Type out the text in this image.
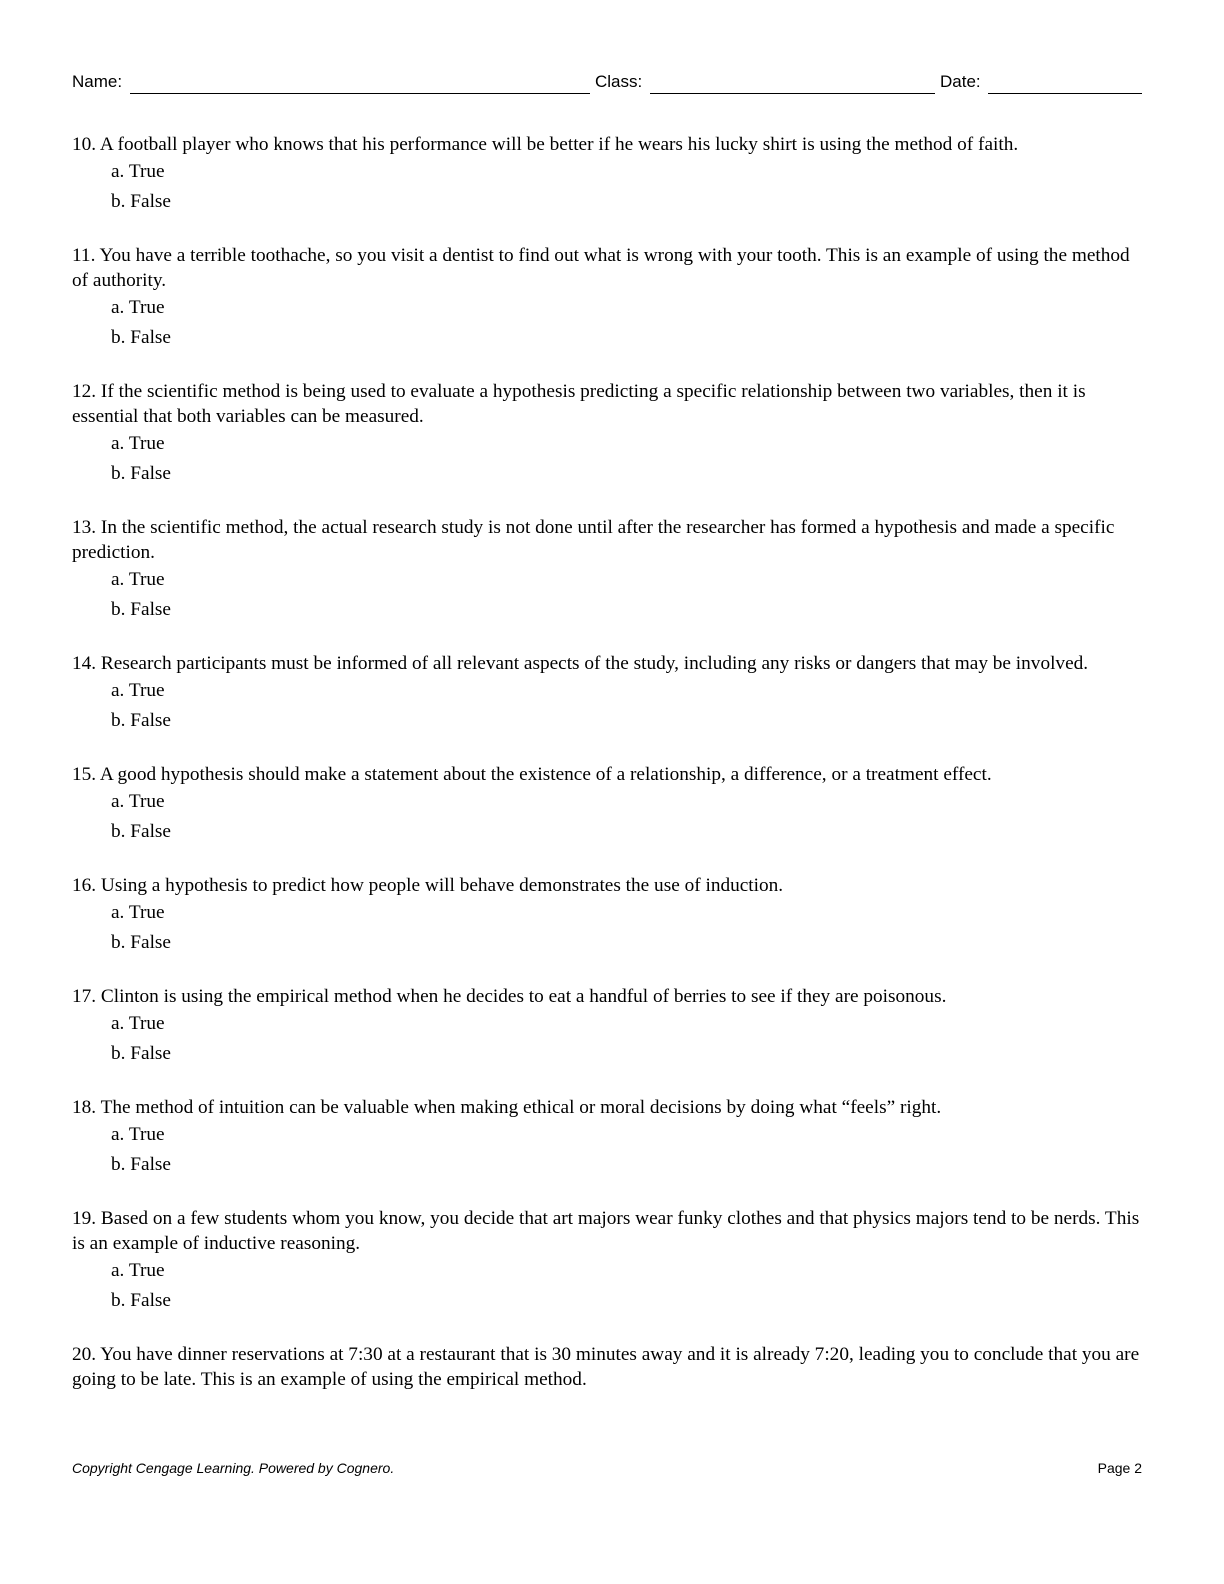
Name:	Class:	Date:
10. A football player who knows that his performance will be better if he wears his lucky shirt is using the method of faith.
a. True
b. False
11. You have a terrible toothache, so you visit a dentist to find out what is wrong with your tooth. This is an example of using the method of authority.
a. True
b. False
12. If the scientific method is being used to evaluate a hypothesis predicting a specific relationship between two variables, then it is essential that both variables can be measured.
a. True
b. False
13. In the scientific method, the actual research study is not done until after the researcher has formed a hypothesis and made a specific prediction.
a. True
b. False
14. Research participants must be informed of all relevant aspects of the study, including any risks or dangers that may be involved.
a. True
b. False
15. A good hypothesis should make a statement about the existence of a relationship, a difference, or a treatment effect.
a. True
b. False
16. Using a hypothesis to predict how people will behave demonstrates the use of induction.
a. True
b. False
17. Clinton is using the empirical method when he decides to eat a handful of berries to see if they are poisonous.
a. True
b. False
18. The method of intuition can be valuable when making ethical or moral decisions by doing what “feels” right.
a. True
b. False
19. Based on a few students whom you know, you decide that art majors wear funky clothes and that physics majors tend to be nerds. This is an example of inductive reasoning.
a. True
b. False
20. You have dinner reservations at 7:30 at a restaurant that is 30 minutes away and it is already 7:20, leading you to conclude that you are going to be late. This is an example of using the empirical method.
Copyright Cengage Learning. Powered by Cognero.	Page 2
